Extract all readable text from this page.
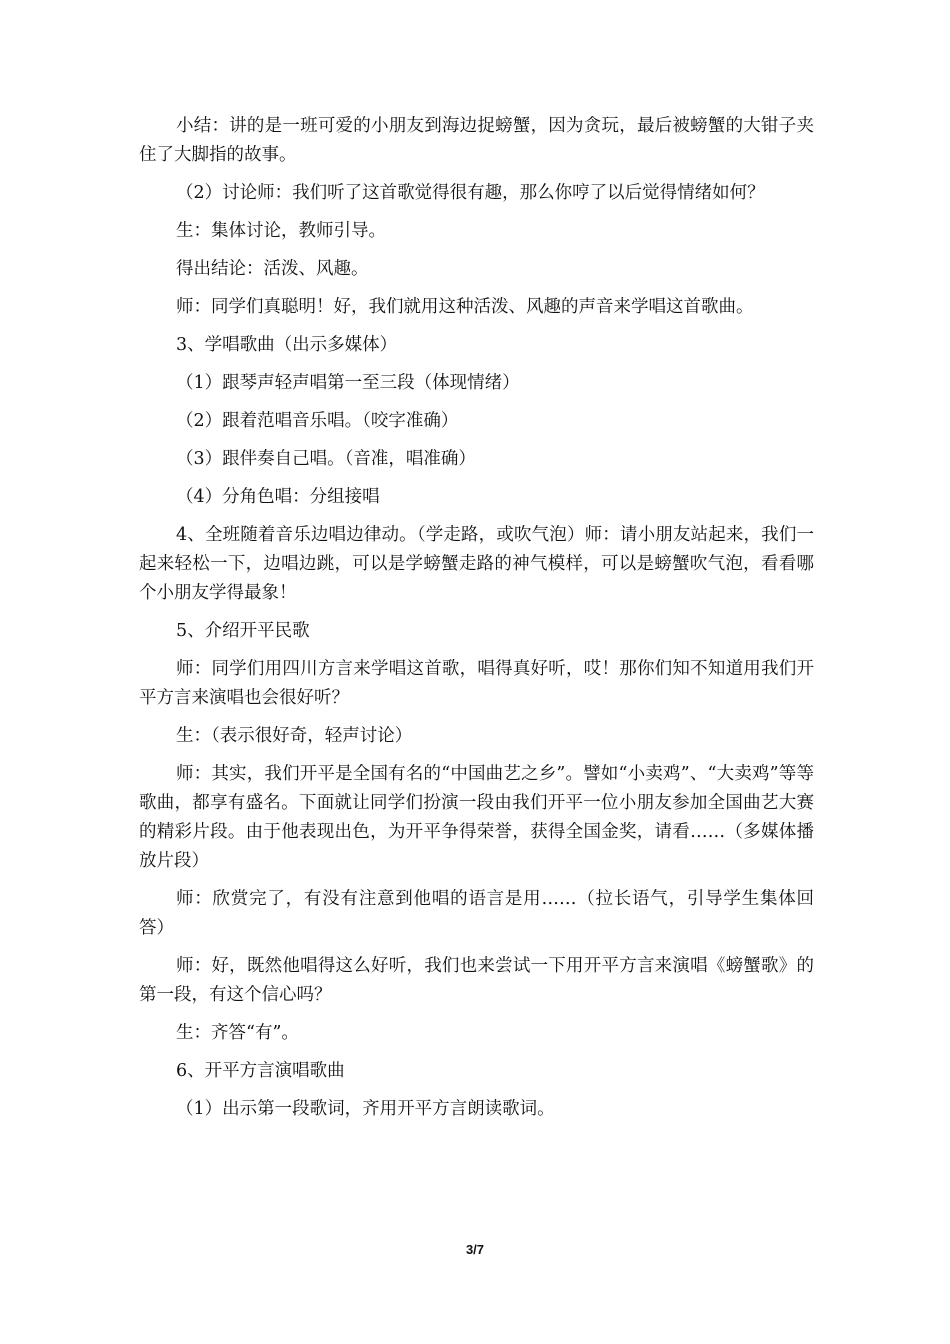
小结：讲的是一班可爱的小朋友到海边捉螃蟹，因为贪玩，最后被螃蟹的大钳子夹住了大脚指的故事。

（2）讨论师：我们听了这首歌觉得很有趣，那么你哼了以后觉得情绪如何？

生：集体讨论，教师引导。

得出结论：活泼、风趣。

师：同学们真聪明！好，我们就用这种活泼、风趣的声音来学唱这首歌曲。

3、学唱歌曲（出示多媒体）

（1）跟琴声轻声唱第一至三段（体现情绪）

（2）跟着范唱音乐唱。（咬字准确）

（3）跟伴奏自己唱。（音准，唱准确）

（4）分角色唱：分组接唱

4、全班随着音乐边唱边律动。（学走路，或吹气泡）师：请小朋友站起来，我们一起来轻松一下，边唱边跳，可以是学螃蟹走路的神气模样，可以是螃蟹吹气泡，看看哪个小朋友学得最象！

5、介绍开平民歌

师：同学们用四川方言来学唱这首歌，唱得真好听，哎！那你们知不知道用我们开平方言来演唱也会很好听？

生：（表示很好奇，轻声讨论）

师：其实，我们开平是全国有名的“中国曲艺之乡”。譬如“小卖鸡”、“大卖鸡”等等歌曲，都享有盛名。下面就让同学们扮演一段由我们开平一位小朋友参加全国曲艺大赛的精彩片段。由于他表现出色，为开平争得荣誉，获得全国金奖，请看……（多媒体播放片段）

师：欣赏完了，有没有注意到他唱的语言是用……（拉长语气，引导学生集体回答）

师：好，既然他唱得这么好听，我们也来尝试一下用开平方言来演唱《螃蟹歌》的第一段，有这个信心吗？

生：齐答“有”。

6、开平方言演唱歌曲

（1）出示第一段歌词，齐用开平方言朗读歌词。

3/7
